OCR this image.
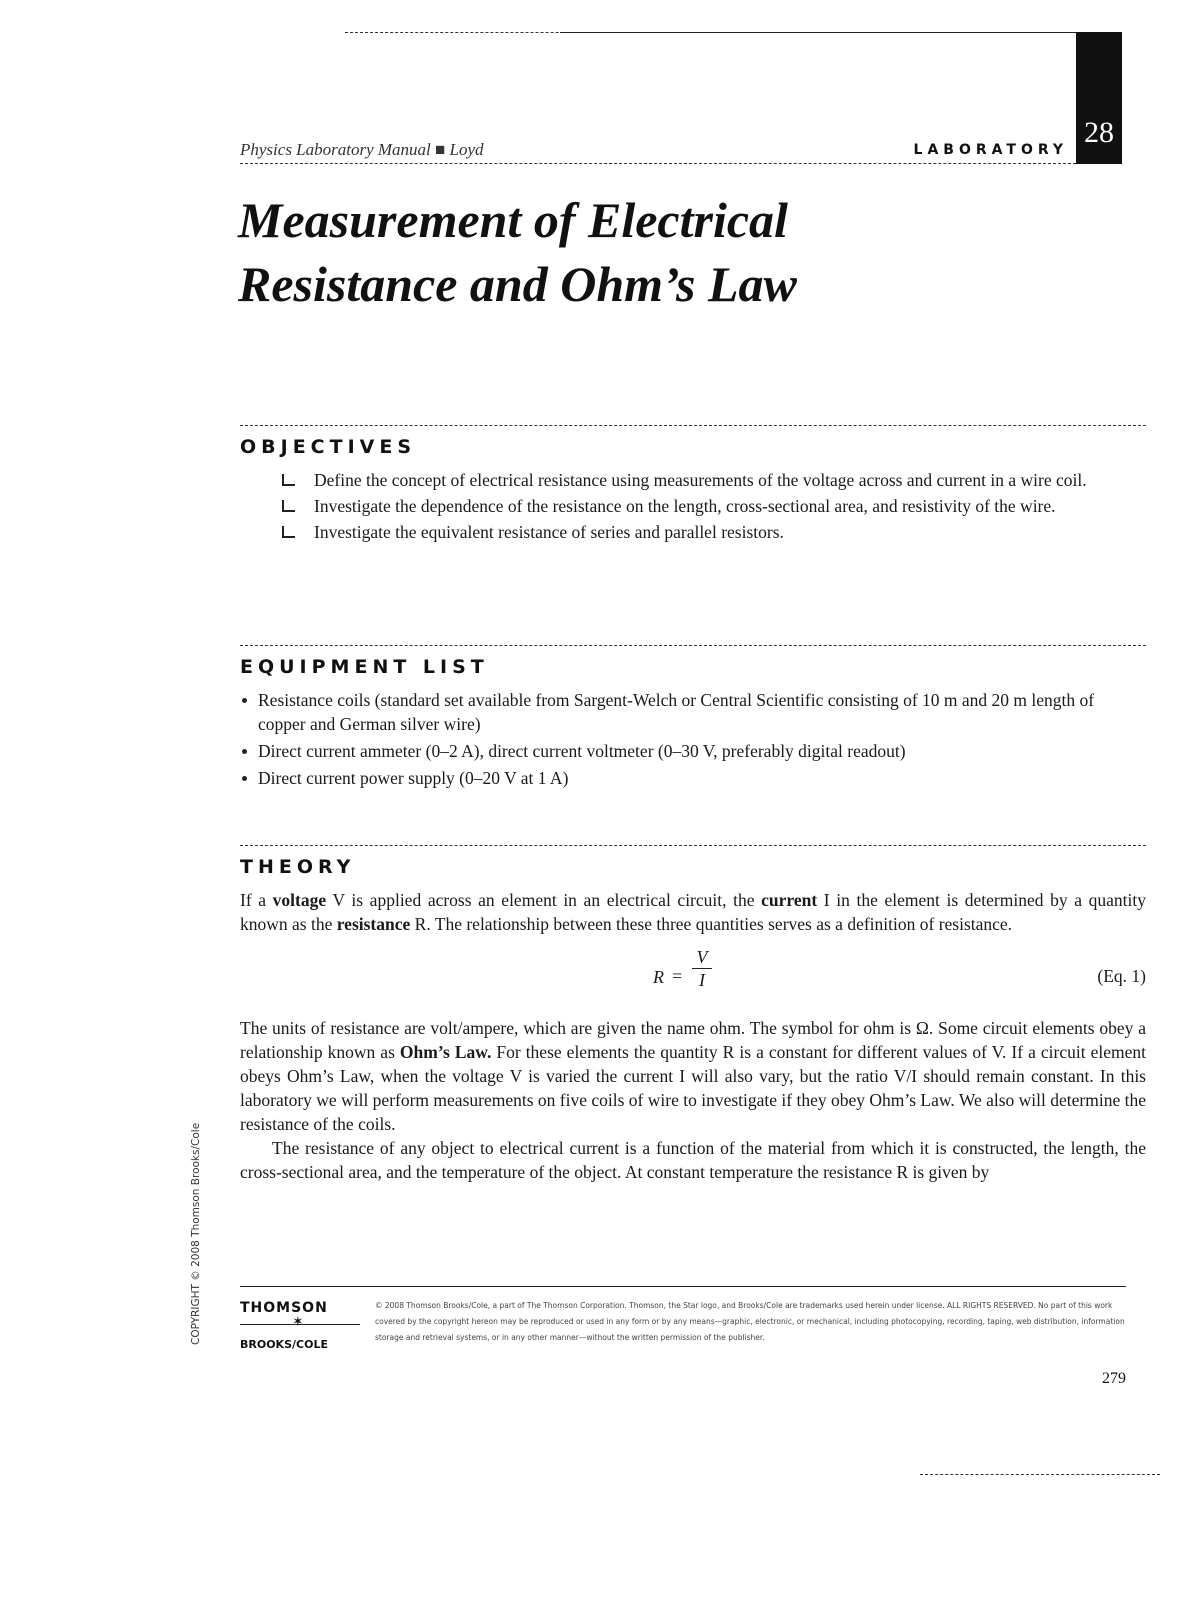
28
Physics Laboratory Manual ■ Loyd	LABORATORY
Measurement of Electrical
Resistance and Ohm’s Law
OBJECTIVES
Define the concept of electrical resistance using measurements of the voltage across and current in a wire coil.
Investigate the dependence of the resistance on the length, cross-sectional area, and resistivity of the wire.
Investigate the equivalent resistance of series and parallel resistors.
EQUIPMENT LIST
Resistance coils (standard set available from Sargent-Welch or Central Scientific consisting of 10 m and 20 m length of copper and German silver wire)
Direct current ammeter (0–2 A), direct current voltmeter (0–30 V, preferably digital readout)
Direct current power supply (0–20 V at 1 A)
THEORY

If a voltage V is applied across an element in an electrical circuit, the current I in the element is determined by a quantity known as the resistance R. The relationship between these three quantities serves as a definition of resistance.

$R = \frac{V}{I}$	(Eq. 1)

The units of resistance are volt/ampere, which are given the name ohm. The symbol for ohm is Ω. Some circuit elements obey a relationship known as Ohm’s Law. For these elements the quantity R is a constant for different values of V. If a circuit element obeys Ohm’s Law, when the voltage V is varied the current I will also vary, but the ratio V/I should remain constant. In this laboratory we will perform measurements on five coils of wire to investigate if they obey Ohm’s Law. We also will determine the resistance of the coils.

The resistance of any object to electrical current is a function of the material from which it is constructed, the length, the cross-sectional area, and the temperature of the object. At constant temperature the resistance R is given by

COPYRIGHT © 2008 Thomson Brooks/Cole	THOMSON
✶
BROOKS/COLE
© 2008 Thomson Brooks/Cole, a part of The Thomson Corporation. Thomson, the Star logo, and Brooks/Cole are trademarks used herein under license. ALL RIGHTS RESERVED. No part of this work covered by the copyright hereon may be reproduced or used in any form or by any means—graphic, electronic, or mechanical, including photocopying, recording, taping, web distribution, information storage and retrieval systems, or in any other manner—without the written permission of the publisher.
279
